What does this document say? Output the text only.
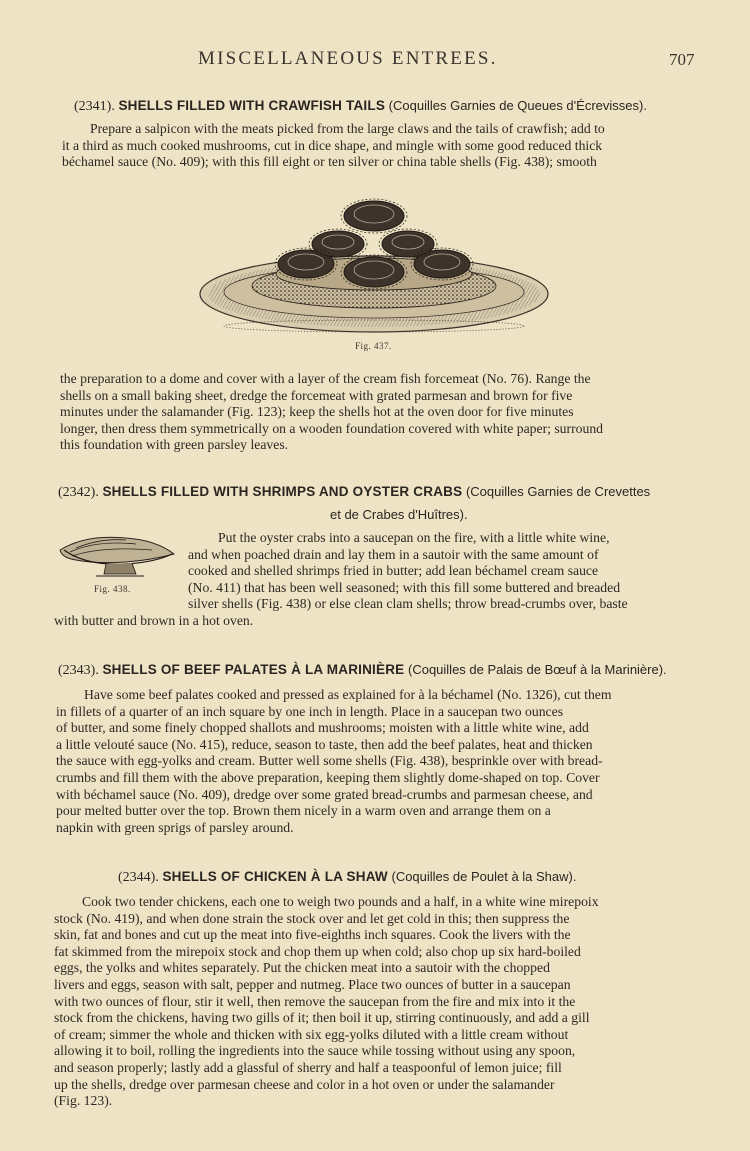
MISCELLANEOUS ENTREES.	707
(2341). SHELLS FILLED WITH CRAWFISH TAILS (Coquilles Garnies de Queues d'Écrevisses).
Prepare a salpicon with the meats picked from the large claws and the tails of crawfish; add to
it a third as much cooked mushrooms, cut in dice shape, and mingle with some good reduced thick
béchamel sauce (No. 409); with this fill eight or ten silver or china table shells (Fig. 438); smooth
Fig. 437.
the preparation to a dome and cover with a layer of the cream fish forcemeat (No. 76). Range the
shells on a small baking sheet, dredge the forcemeat with grated parmesan and brown for five
minutes under the salamander (Fig. 123); keep the shells hot at the oven door for five minutes
longer, then dress them symmetrically on a wooden foundation covered with white paper; surround
this foundation with green parsley leaves.
(2342). SHELLS FILLED WITH SHRIMPS AND OYSTER CRABS (Coquilles Garnies de Crevettes
et de Crabes d'Huîtres).
Fig. 438.
Put the oyster crabs into a saucepan on the fire, with a little white wine,
and when poached drain and lay them in a sautoir with the same amount of
cooked and shelled shrimps fried in butter; add lean béchamel cream sauce
(No. 411) that has been well seasoned; with this fill some buttered and breaded
silver shells (Fig. 438) or else clean clam shells; throw bread-crumbs over, baste
with butter and brown in a hot oven.
(2343). SHELLS OF BEEF PALATES À LA MARINIÈRE (Coquilles de Palais de Bœuf à la Marinière).
Have some beef palates cooked and pressed as explained for à la béchamel (No. 1326), cut them
in fillets of a quarter of an inch square by one inch in length. Place in a saucepan two ounces
of butter, and some finely chopped shallots and mushrooms; moisten with a little white wine, add
a little velouté sauce (No. 415), reduce, season to taste, then add the beef palates, heat and thicken
the sauce with egg-yolks and cream. Butter well some shells (Fig. 438), besprinkle over with bread-
crumbs and fill them with the above preparation, keeping them slightly dome-shaped on top. Cover
with béchamel sauce (No. 409), dredge over some grated bread-crumbs and parmesan cheese, and
pour melted butter over the top. Brown them nicely in a warm oven and arrange them on a
napkin with green sprigs of parsley around.
(2344). SHELLS OF CHICKEN À LA SHAW (Coquilles de Poulet à la Shaw).
Cook two tender chickens, each one to weigh two pounds and a half, in a white wine mirepoix
stock (No. 419), and when done strain the stock over and let get cold in this; then suppress the
skin, fat and bones and cut up the meat into five-eighths inch squares. Cook the livers with the
fat skimmed from the mirepoix stock and chop them up when cold; also chop up six hard-boiled
eggs, the yolks and whites separately. Put the chicken meat into a sautoir with the chopped
livers and eggs, season with salt, pepper and nutmeg. Place two ounces of butter in a saucepan
with two ounces of flour, stir it well, then remove the saucepan from the fire and mix into it the
stock from the chickens, having two gills of it; then boil it up, stirring continuously, and add a gill
of cream; simmer the whole and thicken with six egg-yolks diluted with a little cream without
allowing it to boil, rolling the ingredients into the sauce while tossing without using any spoon,
and season properly; lastly add a glassful of sherry and half a teaspoonful of lemon juice; fill
up the shells, dredge over parmesan cheese and color in a hot oven or under the salamander
(Fig. 123).
